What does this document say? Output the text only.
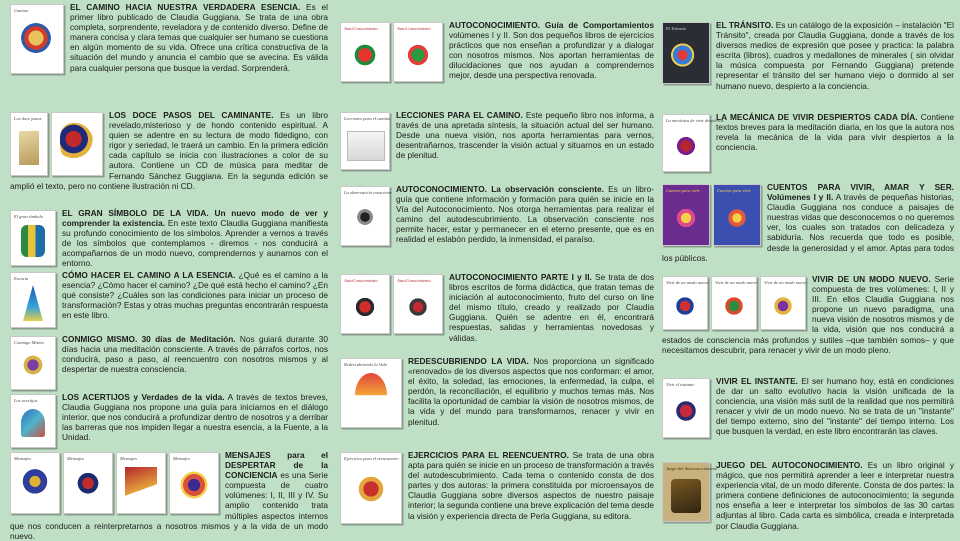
Camino	EL CAMINO HACIA NUESTRA VERDADERA ESENCIA. Es el primer libro publicado de Claudia Guggiana. Se trata de una obra completa, sorprendente, reveladora y de contenido diverso. Define de manera concisa y clara temas que cualquier ser humano se cuestiona en algún momento de su vida. Ofrece una crítica constructiva de la situación del mundo y anuncia el cambio que se avecina. Es válida para cualquier persona que busque la verdad. Sorprenderá.
Los doce pasos	LOS DOCE PASOS DEL CAMINANTE. Es un libro revelado,misterioso y de hondo contenido espiritual. A quien se adentre en su lectura de modo fidedigno, con rigor y seriedad, le traerá un cambio. En la primera edición cada capítulo se inicia con ilustraciones a color de su autora. Contiene un CD de música para meditar de Fernando Sánchez Guggiana. En la segunda edición se amplió el texto, pero no contiene ilustración ni CD.
El gran símbolo	EL GRAN SÍMBOLO DE LA VIDA. Un nuevo modo de ver y comprender la existencia. En este texto Claudia Guggiana manifiesta su profundo conocimiento de los símbolos. Aprender a vernos a través de los símbolos que contemplamos - diremos - nos conducirá a acompañarnos de un modo nuevo, comprendernos y aunarnos con el entorno.
Esencia	CÓMO HACER EL CAMINO A LA ESENCIA. ¿Qué es el camino a la esencia? ¿Cómo hacer el camino? ¿De qué está hecho el camino? ¿En qué consiste? ¿Cuáles son las condiciones para iniciar un proceso de transformación? Estas y otras muchas preguntas encontrarán respuesta en este libro.
Conmigo Mismo	CONMIGO MISMO. 30 días de Meditación. Nos guiará durante 30 días hacia una meditación consciente. A través de párrafos cortos, nos conducirá, paso a paso, al reencuentro con nosotros mismos y al despertar de nuestra consciencia.
Los acertijos	LOS ACERTIJOS y Verdades de la vida. A través de textos breves, Claudia Guggiana nos propone una guía para iniciarnos en el diálogo interior, que nos conducirá a profundizar dentro de nosotros y a derribar las barreras que nos impiden llegar a nuestra esencia, a la Fuente, a la Unidad.
Mensajes	Mensajes	Mensajes	Mensajes	MENSAJES para el DESPERTAR de la CONCIENCIA es una Serie compuesta de cuatro volúmenes: I, II, III y IV. Su amplio contenido trata múltiples aspectos internos que nos conducen a reinterpretarnos a nosotros mismos y a la vida de un modo nuevo.
AutoConocimiento	AutoConocimiento	AUTOCONOCIMIENTO. Guía de Comportamientos volúmenes I y II. Son dos pequeños libros de ejercicios prácticos que nos enseñan a profundizar y a dialogar con nosotros mismos. Nos aportan herramientas de dilucidaciones que nos ayudan a comprendernos mejor, desde una perspectiva renovada.
Lecciones para el camino LECCIONES PARA EL CAMINO. Este pequeño libro nos informa, a través de una apretada síntesis, la situación actual del ser humano. Desde una nueva visión, nos aporta herramientas para vernos, desentrañarnos, trascender la visión actual y situarnos en un estado de plenitud.
La observación consciente AUTOCONOCIMIENTO. La observación consciente. Es un libro- guía que contiene información y formación para quién se inicie en la Vía del Autoconocimiento. Nos otorga herramientas para realizar el camino del autodescubrimiento. La observación consciente nos permite hacer, estar y permanecer en el eterno presente, que es en realidad el eslabón perdido, la inmensidad, el paraíso.
AutoConocimiento	AutoConocimiento	AUTOCONOCIMIENTO PARTE I y II. Se trata de dos libros escritos de forma didáctica, que tratan temas de iniciación al autoconocimiento, fruto del curso on line del mismo título, creado y realizado por Claudia Guggiana. Quién se adentre en él, encontrará respuestas, salidas y herramientas novedosas y válidas.
Redescubriendo la Vida	REDESCUBRIENDO LA VIDA. Nos proporciona un significado «renovado» de los diversos aspectos que nos conforman: el amor, el éxito, la soledad, las emociones, la enfermedad, la culpa, el perdón, la reconciliación, el equilibrio y muchos temas más. Nos facilita la oportunidad de cambiar la visión de nosotros mismos, de la vida y del mundo para transformarnos, renacer y vivir en plenitud.
Ejercicios para el reencuentro EJERCICIOS PARA EL REENCUENTRO. Se trata de una obra apta para quién se inicie en un proceso de transformación a través del autodescubrimiento. Cada tema o contenido consta de dos partes y dos autoras: la primera constituida por microensayos de Claudia Guggiana sobre diversos aspectos de nuestro paisaje interior; la segunda contiene una breve explicación del tema desde la visión y experiencia directa de Perla Guggiana, su editora.
El Tránsito	EL TRÁNSITO. Es un catálogo de la exposición – instalación "El Tránsito", creada por Claudia Guggiana, donde a través de los diversos medios de expresión que posee y practica: la palabra escrita (libros), cuadros y medallones de minerales ( sin olvidar la música compuesta por Fernando Guggiana) pretende representar el tránsito del ser humano viejo o dormido al ser humano nuevo, despierto a la conciencia.
La mecánica de vivir despiertos
LA MECÁNICA DE VIVIR DESPIERTOS CADA DÍA. Contiene textos breves para la meditación diaria, en los que la autora nos revela la mecánica de la vida para vivir despiertos a la conciencia.
Cuentos para vivir	Cuentos para vivir	CUENTOS PARA VIVIR, AMAR Y SER. Volúmenes I y II. A través de pequeñas historias, Claudia Guggiana nos conduce a paisajes de nuestras vidas que desconocemos o no queremos ver, los cuales son tratados con delicadeza y sabiduría. Nos recuerda que todo es posible, desde la generosidad y el amor. Aptas para todos los públicos.
Vivir de un modo nuevo Vivir de un modo nuevo Vivir de un modo nuevo VIVIR DE UN MODO NUEVO. Serie compuesta de tres volúmenes: I, II y III. En ellos Claudia Guggiana nos propone un nuevo paradigma, una nueva visión de nosotros mismos y de la vida, visión que nos conducirá a estados de consciencia más profundos y sutiles –que también somos– y que necesitamos descubrir, para renacer y vivir de un modo pleno.
Vivir el instante	VIVIR EL INSTANTE. El ser humano hoy, está en condiciones de dar un salto evolutivo hacia la visión unificada de la conciencia, una visión más sutil de la realidad que nos permitirá renacer y vivir de un modo nuevo. No se trata de un "instante" del tiempo externo, sino del "instante" del tiempo interno. Los que busquen la verdad, en este libro encontrarán las claves.
Juego del Autoconocimiento
JUEGO DEL AUTOCONOCIMIENTO. Es un libro original y mágico, que nos permitirá aprender a leer e interpretar nuestra experiencia vital, de un modo diferente. Consta de dos partes: la primera contiene definiciones de autoconocimiento; la segunda nos enseña a leer e interpretar los símbolos de las 30 cartas adjuntas al libro. Cada carta es simbólica, creada e interpretada por Claudia Guggiana.
